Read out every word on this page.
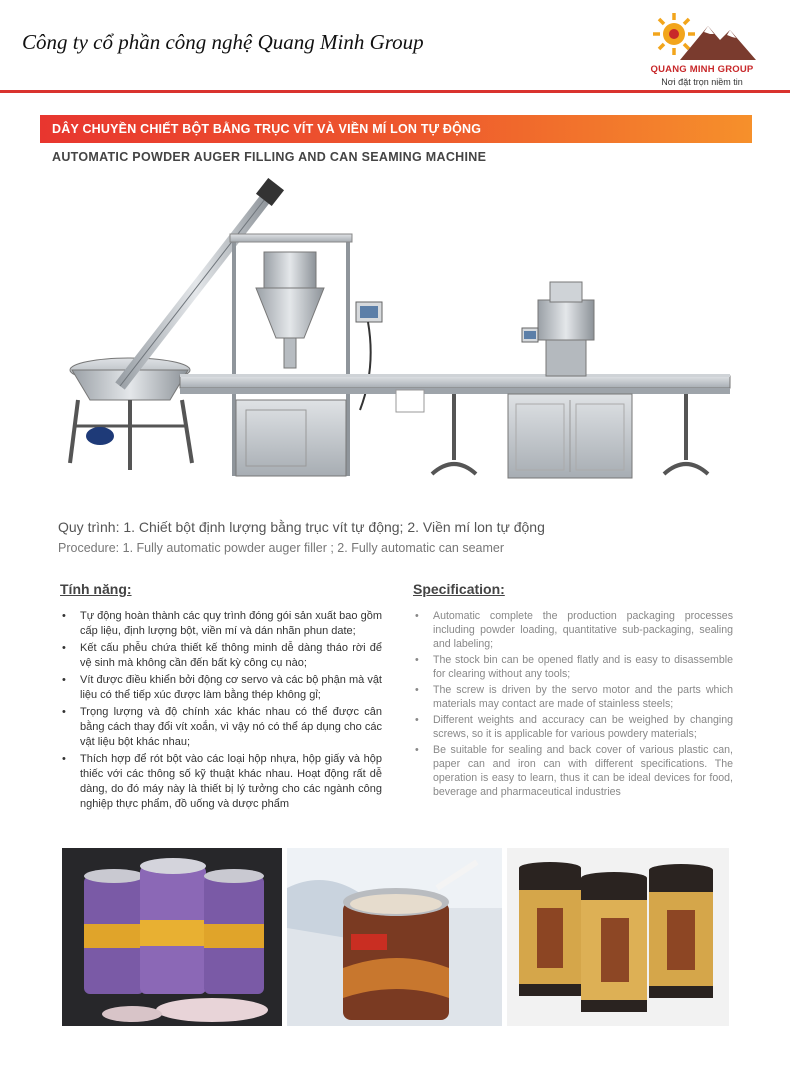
Công ty cổ phần công nghệ Quang Minh Group
QUANG MINH GROUP
Nơi đặt trọn niềm tin
DÂY CHUYỀN CHIẾT BỘT BẰNG TRỤC VÍT VÀ VIỀN MÍ LON TỰ ĐỘNG
AUTOMATIC POWDER AUGER FILLING AND CAN SEAMING MACHINE
Quy trình: 1. Chiết bột định lượng bằng trục vít tự động; 2. Viền mí lon tự động
Procedure: 1. Fully automatic powder auger filler ; 2. Fully automatic can seamer
Tính năng:
• Tự động hoàn thành các quy trình đóng gói sản xuất bao gồm cấp liệu, định lượng bột, viền mí và dán nhãn phun date;
• Kết cấu phễu chứa thiết kế thông minh dễ dàng tháo rời để vệ sinh mà không cần đến bất kỳ công cụ nào;
• Vít được điều khiển bởi động cơ servo và các bộ phận mà vật liệu có thể tiếp xúc được làm bằng thép không gỉ;
• Trọng lượng và độ chính xác khác nhau có thể được cân bằng cách thay đổi vít xoắn, vì vậy nó có thể áp dụng cho các vật liệu bột khác nhau;
• Thích hợp để rót bột vào các loại hộp nhựa, hộp giấy và hộp thiếc với các thông số kỹ thuật khác nhau. Hoạt động rất dễ dàng, do đó máy này là thiết bị lý tưởng cho các ngành công nghiệp thực phẩm, đồ uống và dược phẩm
Specification:
• Automatic complete the production packaging processes including powder loading, quantitative sub-packaging, sealing and labeling;
• The stock bin can be opened flatly and is easy to disassemble for clearing without any tools;
• The screw is driven by the servo motor and the parts which materials may contact are made of stainless steels;
• Different weights and accuracy can be weighed by changing screws, so it is applicable for various powdery materials;
• Be suitable for sealing and back cover of various plastic can, paper can and iron can with different specifications. The operation is easy to learn, thus it can be ideal devices for food, beverage and pharmaceutical industries
